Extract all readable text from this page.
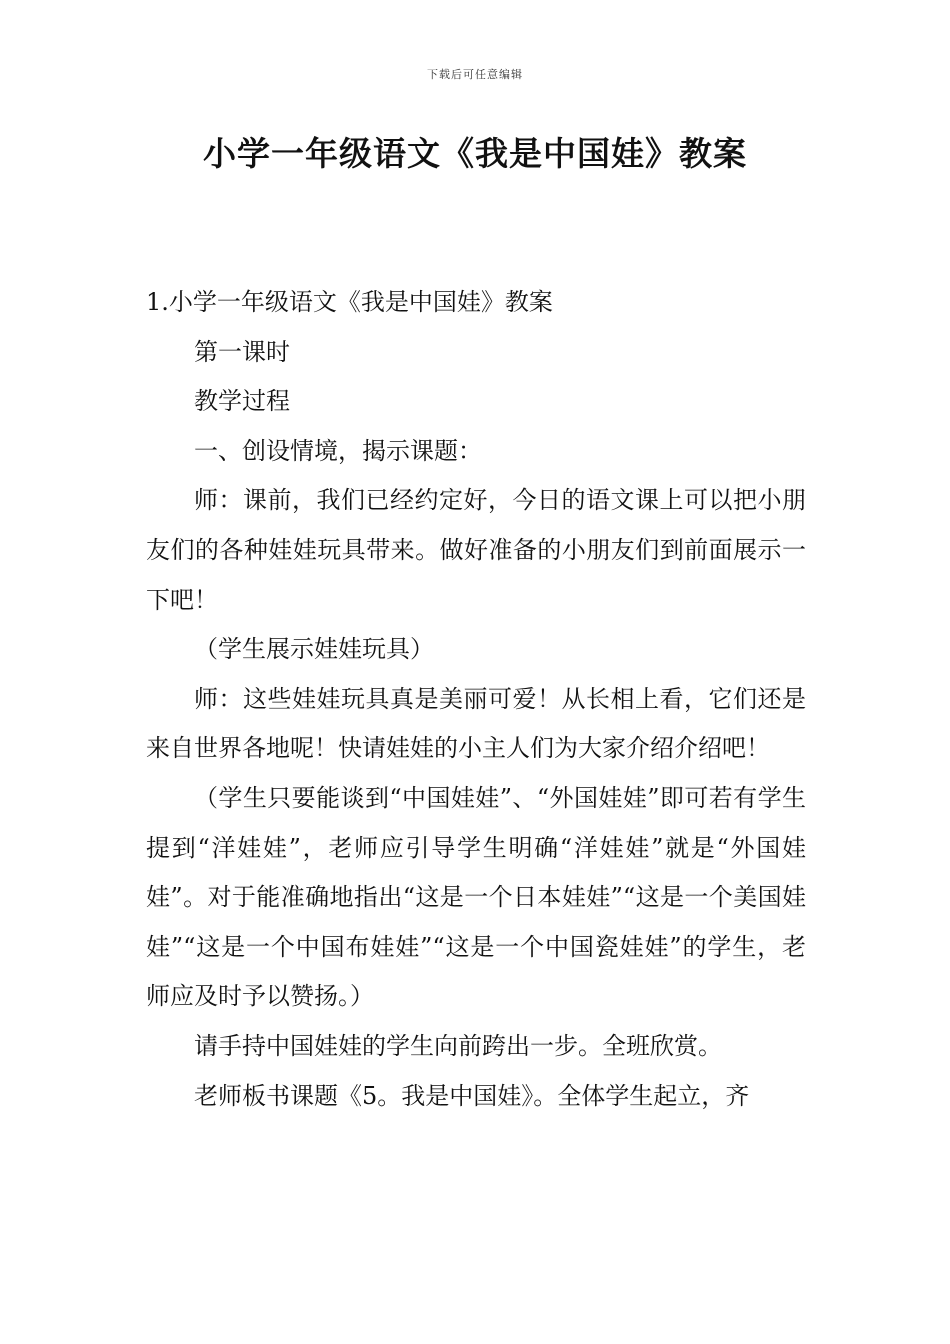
下载后可任意编辑
小学一年级语文《我是中国娃》教案

1.小学一年级语文《我是中国娃》教案

第一课时

教学过程

一、创设情境，揭示课题：

师：课前，我们已经约定好，今日的语文课上可以把小朋友们的各种娃娃玩具带来。做好准备的小朋友们到前面展示一下吧！

（学生展示娃娃玩具）

师：这些娃娃玩具真是美丽可爱！从长相上看，它们还是来自世界各地呢！快请娃娃的小主人们为大家介绍介绍吧！

（学生只要能谈到“中国娃娃”、“外国娃娃”即可若有学生提到“洋娃娃”，老师应引导学生明确“洋娃娃”就是“外国娃娃”。对于能准确地指出“这是一个日本娃娃”“这是一个美国娃娃”“这是一个中国布娃娃”“这是一个中国瓷娃娃”的学生，老师应及时予以赞扬。）

请手持中国娃娃的学生向前跨出一步。全班欣赏。

老师板书课题《5。我是中国娃》。全体学生起立，齐
